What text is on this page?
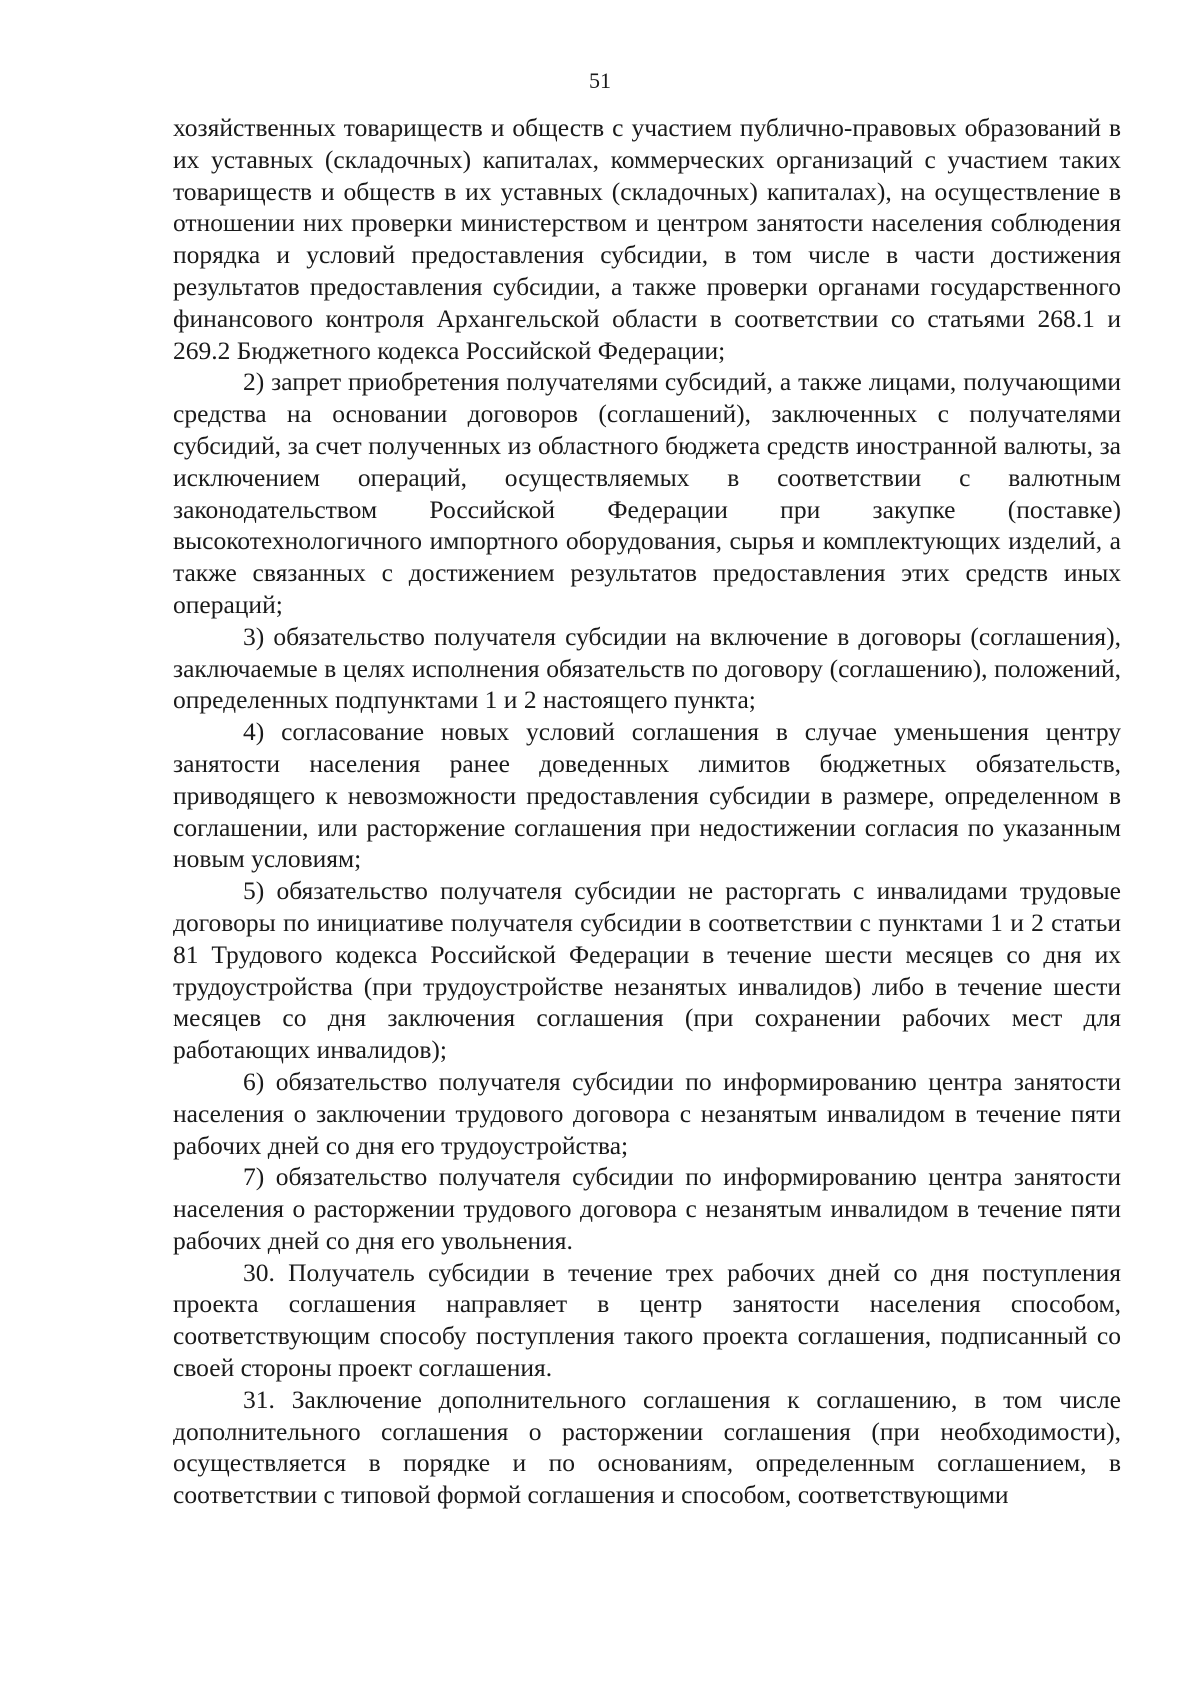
51

хозяйственных товариществ и обществ с участием публично-правовых образований в их уставных (складочных) капиталах, коммерческих организаций с участием таких товариществ и обществ в их уставных (складочных) капиталах), на осуществление в отношении них проверки министерством и центром занятости населения соблюдения порядка и условий предоставления субсидии, в том числе в части достижения результатов предоставления субсидии, а также проверки органами государственного финансового контроля Архангельской области в соответствии со статьями 268.1 и 269.2 Бюджетного кодекса Российской Федерации;

2) запрет приобретения получателями субсидий, а также лицами, получающими средства на основании договоров (соглашений), заключенных с получателями субсидий, за счет полученных из областного бюджета средств иностранной валюты, за исключением операций, осуществляемых в соответствии с валютным законодательством Российской Федерации при закупке (поставке) высокотехнологичного импортного оборудования, сырья и комплектующих изделий, а также связанных с достижением результатов предоставления этих средств иных операций;

3) обязательство получателя субсидии на включение в договоры (соглашения), заключаемые в целях исполнения обязательств по договору (соглашению), положений, определенных подпунктами 1 и 2 настоящего пункта;

4) согласование новых условий соглашения в случае уменьшения центру занятости населения ранее доведенных лимитов бюджетных обязательств, приводящего к невозможности предоставления субсидии в размере, определенном в соглашении, или расторжение соглашения при недостижении согласия по указанным новым условиям;

5) обязательство получателя субсидии не расторгать с инвалидами трудовые договоры по инициативе получателя субсидии в соответствии с пунктами 1 и 2 статьи 81 Трудового кодекса Российской Федерации в течение шести месяцев со дня их трудоустройства (при трудоустройстве незанятых инвалидов) либо в течение шести месяцев со дня заключения соглашения (при сохранении рабочих мест для работающих инвалидов);

6) обязательство получателя субсидии по информированию центра занятости населения о заключении трудового договора с незанятым инвалидом в течение пяти рабочих дней со дня его трудоустройства;

7) обязательство получателя субсидии по информированию центра занятости населения о расторжении трудового договора с незанятым инвалидом в течение пяти рабочих дней со дня его увольнения.

30. Получатель субсидии в течение трех рабочих дней со дня поступления проекта соглашения направляет в центр занятости населения способом, соответствующим способу поступления такого проекта соглашения, подписанный со своей стороны проект соглашения.

31. Заключение дополнительного соглашения к соглашению, в том числе дополнительного соглашения о расторжении соглашения (при необходимости), осуществляется в порядке и по основаниям, определенным соглашением, в соответствии с типовой формой соглашения и способом, соответствующими
